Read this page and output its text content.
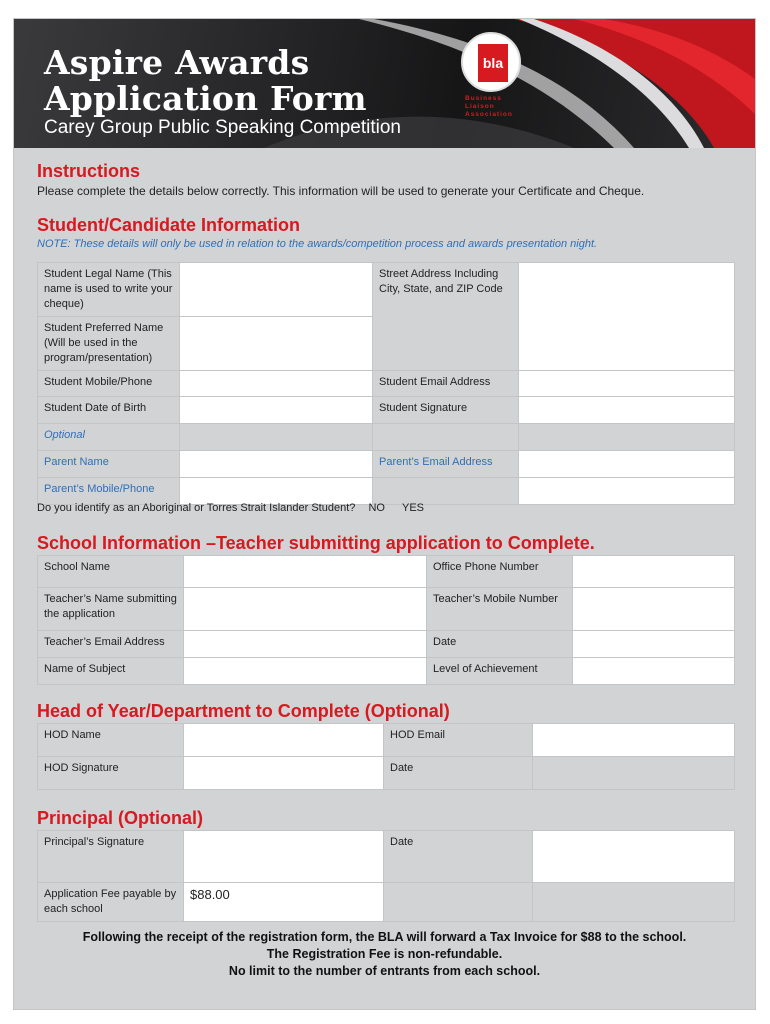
Aspire Awards
Application Form
Carey Group Public Speaking Competition
bla
Business
Liaison
Association
Instructions
Please complete the details below correctly. This information will be used to generate your Certificate and Cheque.
Student/Candidate Information
NOTE: These details will only be used in relation to the awards/competition process and awards presentation night.
Student Legal Name (This name is used to write your cheque)		Street Address Including City, State, and ZIP Code	
Student Preferred Name (Will be used in the program/presentation)			
Student Mobile/Phone		Student Email Address	
Student Date of Birth		Student Signature	
Optional			
Parent Name		Parent’s Email Address	
Parent’s Mobile/Phone			
Do you identify as an Aboriginal or Torres Strait Islander Student? NO YES
School Information –Teacher submitting application to Complete.
School Name		Office Phone Number	
Teacher’s Name submitting the application		Teacher’s Mobile Number	
Teacher’s Email Address		Date	
Name of Subject		Level of Achievement	
Head of Year/Department to Complete (Optional)
HOD Name		HOD Email	
HOD Signature		Date	
Principal (Optional)
Principal’s Signature		Date	
Application Fee payable by each school	$88.00		
Following the receipt of the registration form, the BLA will forward a Tax Invoice for $88 to the school.
The Registration Fee is non-refundable.
No limit to the number of entrants from each school.
